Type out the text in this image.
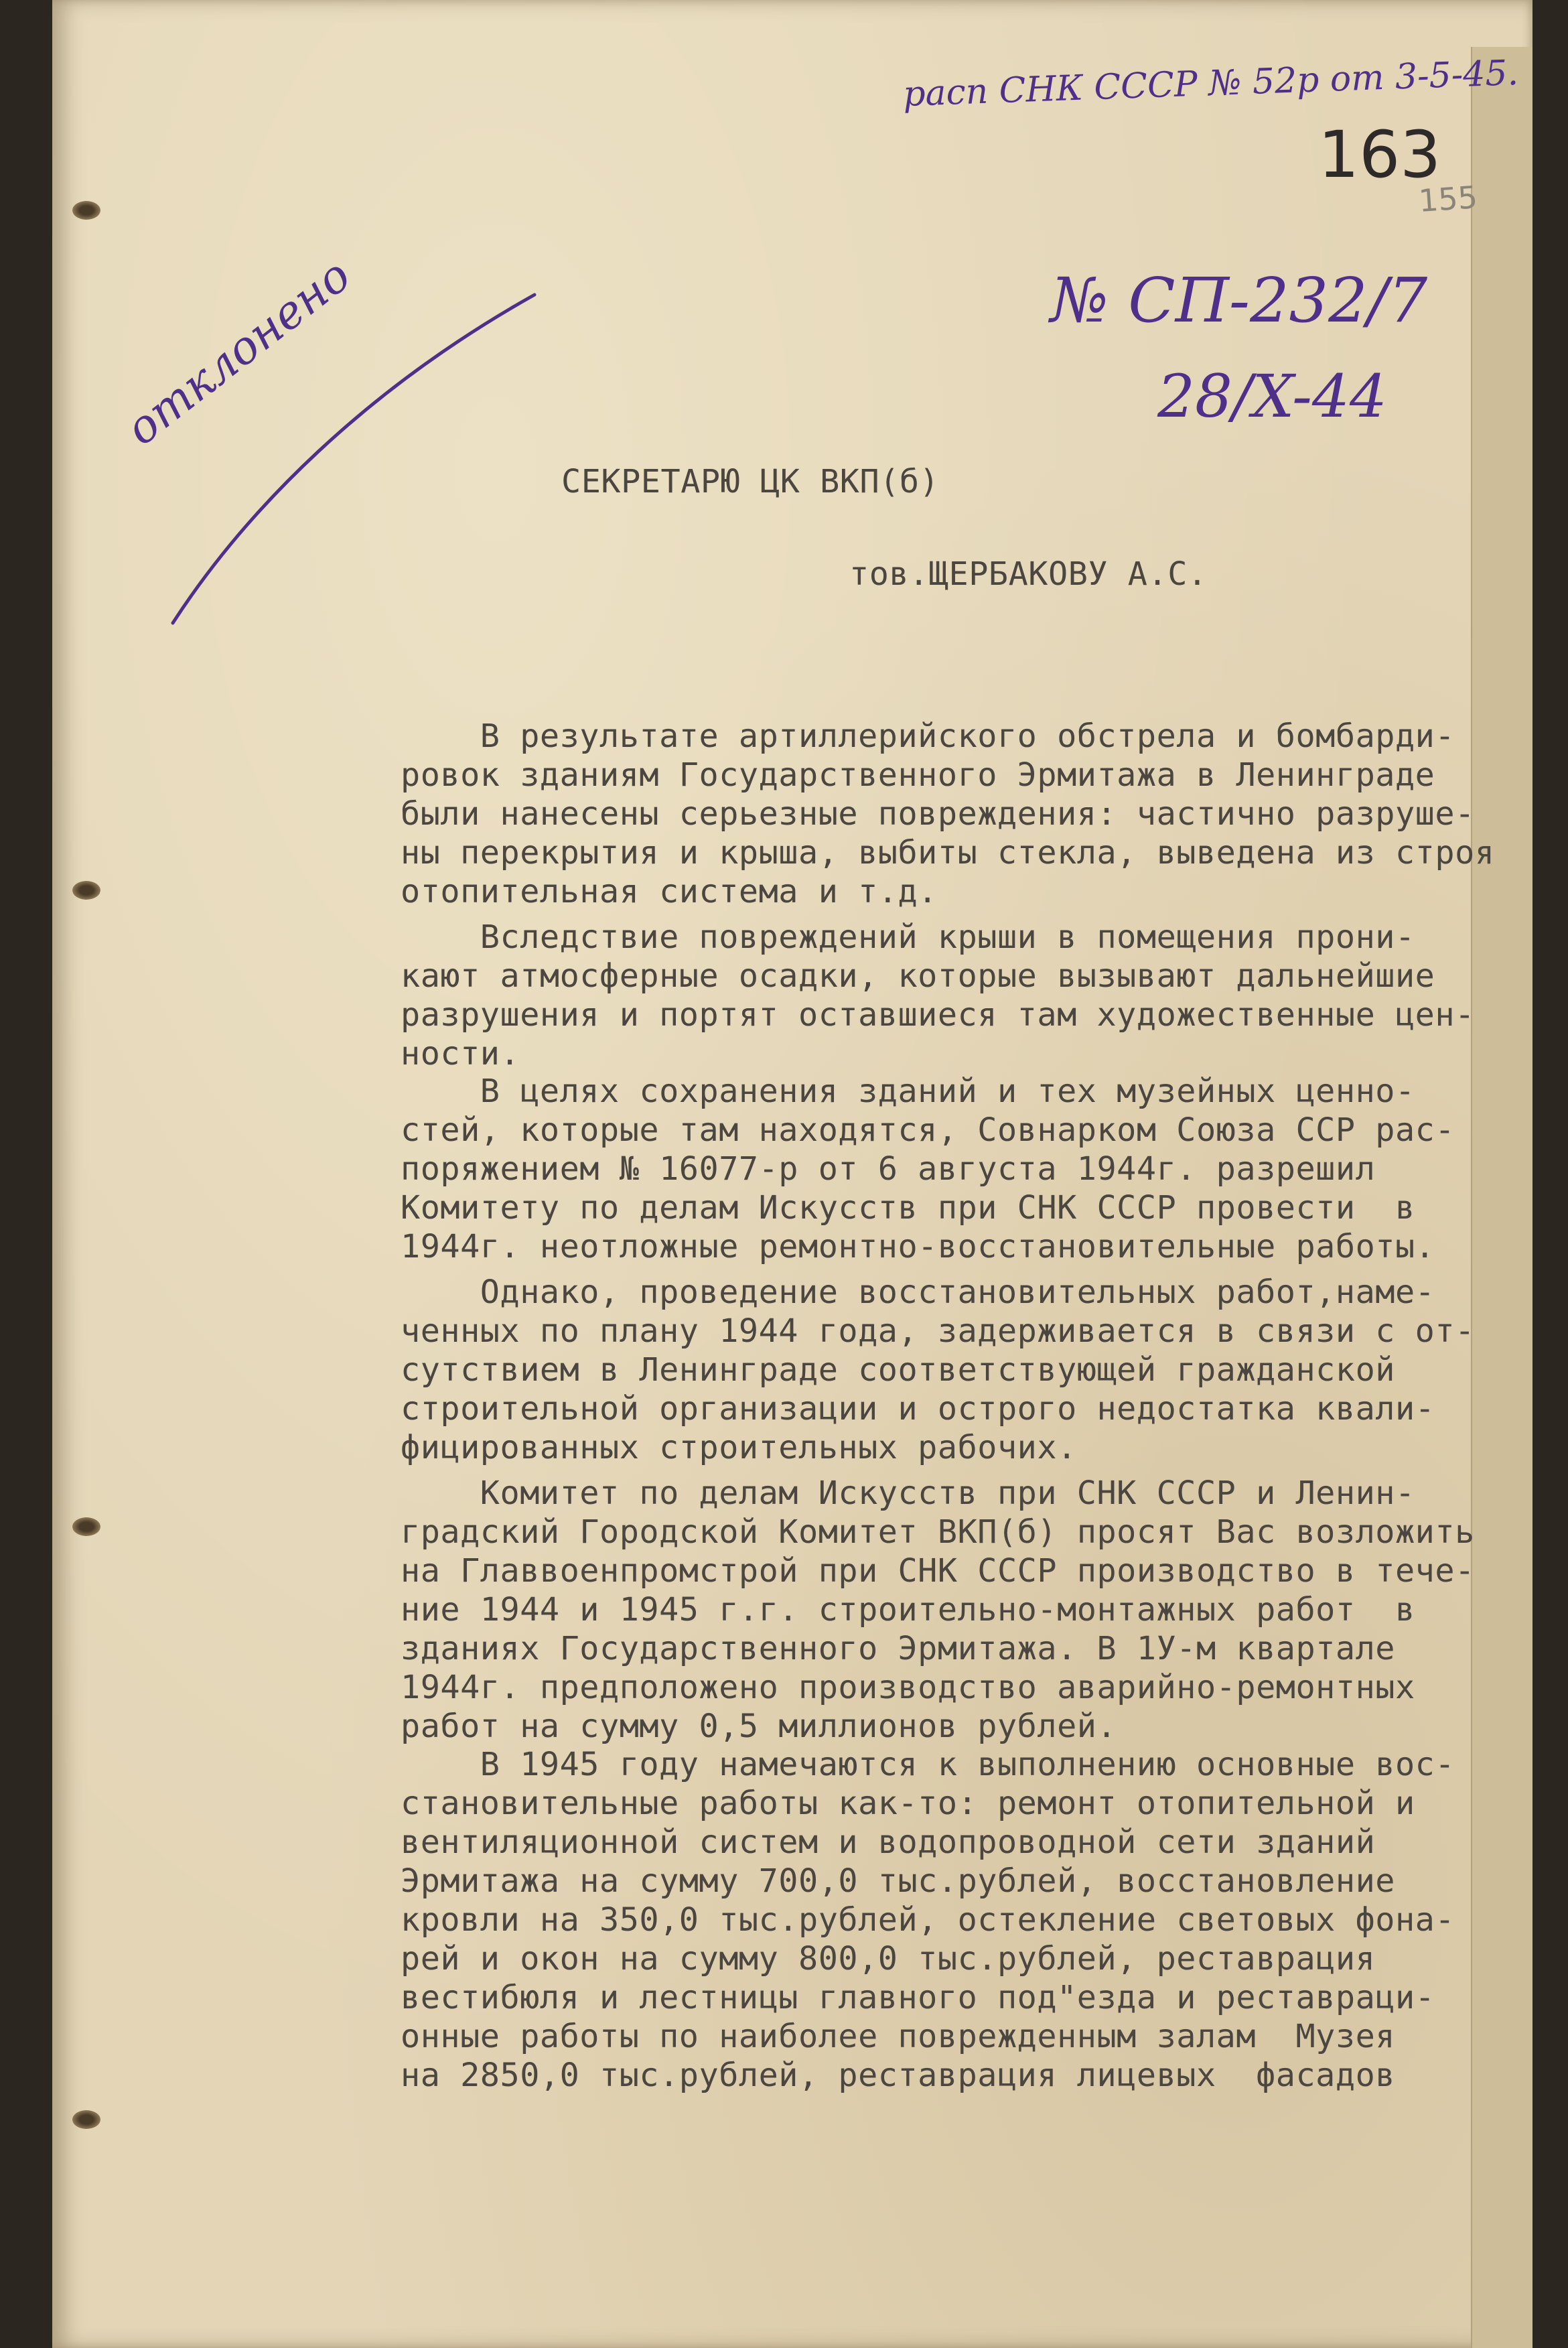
расп СНК СССР № 52р от 3-5-45.
163
155
№ СП-232/7
28/X-44
отклонено
СЕКРЕТАРЮ ЦК ВКП(б)
тов.ЩЕРБАКОВУ А.С.
В результате артиллерийского обстрела и бомбарди-
ровок зданиям Государственного Эрмитажа в Ленинграде
были нанесены серьезные повреждения: частично разруше-
ны перекрытия и крыша, выбиты стекла, выведена из строя
отопительная система и т.д.
Вследствие повреждений крыши в помещения прони-
кают атмосферные осадки, которые вызывают дальнейшие
разрушения и портят оставшиеся там художественные цен-
ности.
В целях сохранения зданий и тех музейных ценно-
стей, которые там находятся, Совнарком Союза ССР рас-
поряжением № 16077-р от 6 августа 1944г. разрешил
Комитету по делам Искусств при СНК СССР провести  в
1944г. неотложные ремонтно-восстановительные работы.
Однако, проведение восстановительных работ,наме-
ченных по плану 1944 года, задерживается в связи с от-
сутствием в Ленинграде соответствующей гражданской
строительной организации и острого недостатка квали-
фицированных строительных рабочих.
Комитет по делам Искусств при СНК СССР и Ленин-
градский Городской Комитет ВКП(б) просят Вас возложить
на Главвоенпромстрой при СНК СССР производство в тече-
ние 1944 и 1945 г.г. строительно-монтажных работ  в
зданиях Государственного Эрмитажа. В 1У-м квартале
1944г. предположено производство аварийно-ремонтных
работ на сумму 0,5 миллионов рублей.
В 1945 году намечаются к выполнению основные вос-
становительные работы как-то: ремонт отопительной и
вентиляционной систем и водопроводной сети зданий
Эрмитажа на сумму 700,0 тыс.рублей, восстановление
кровли на 350,0 тыс.рублей, остекление световых фона-
рей и окон на сумму 800,0 тыс.рублей, реставрация
вестибюля и лестницы главного под"езда и реставраци-
онные работы по наиболее поврежденным залам  Музея
на 2850,0 тыс.рублей, реставрация лицевых  фасадов
